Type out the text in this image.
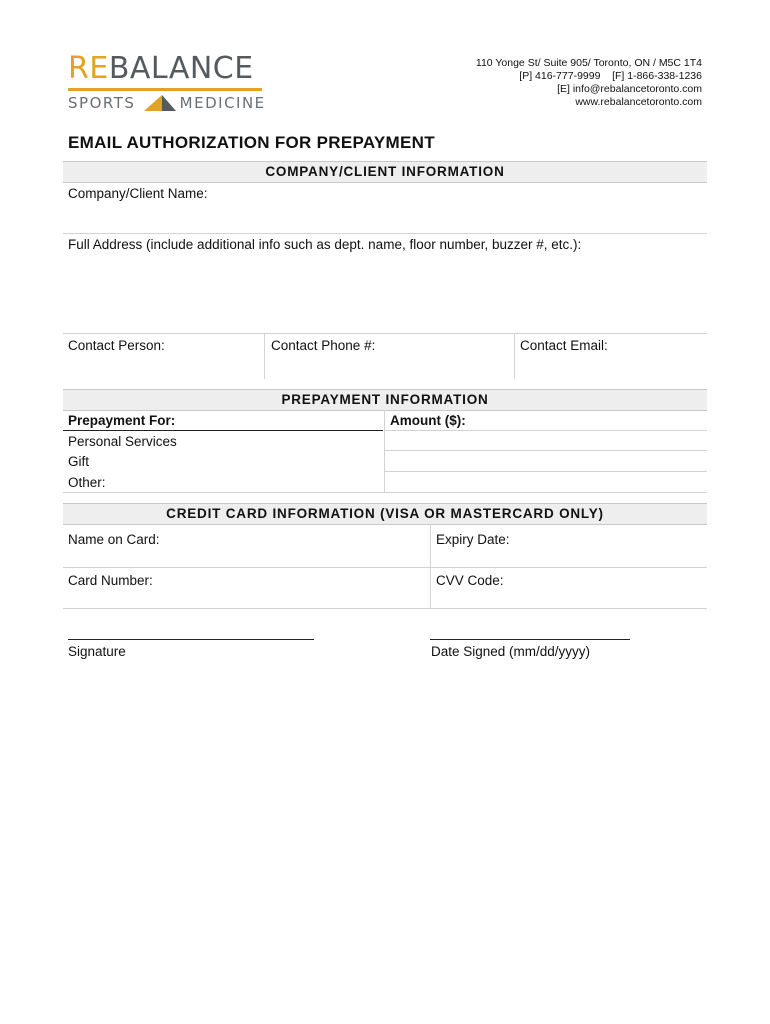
REBALANCE
SPORTS	MEDICINE
110 Yonge St/ Suite 905/ Toronto, ON / M5C 1T4
[P] 416-777-9999    [F] 1-866-338-1236
[E] info@rebalancetoronto.com
www.rebalancetoronto.com
EMAIL AUTHORIZATION FOR PREPAYMENT
COMPANY/CLIENT INFORMATION
Company/Client Name:
Full Address (include additional info such as dept. name, floor number, buzzer #, etc.):
Contact Person:	Contact Phone #:	Contact Email:
PREPAYMENT INFORMATION
Prepayment For:	Amount ($):
Personal Services
Gift
Other:
CREDIT CARD INFORMATION (VISA OR MASTERCARD ONLY)
Name on Card:	Expiry Date:
Card Number:	CVV Code:
Signature	Date Signed (mm/dd/yyyy)
